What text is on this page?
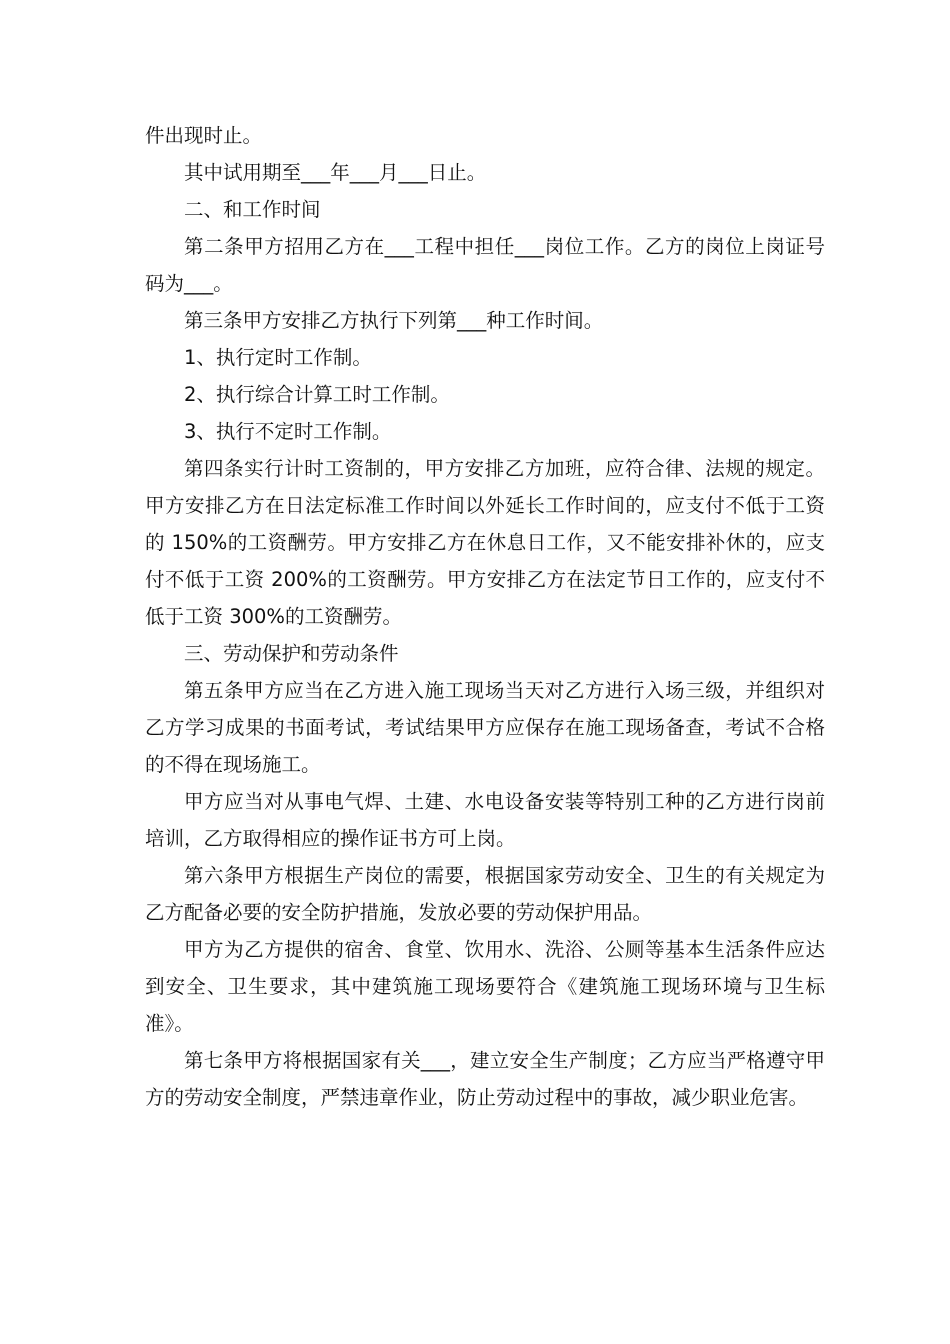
件出现时止。

其中试用期至___年___月___日止。

二、和工作时间

第二条甲方招用乙方在___工程中担任___岗位工作。乙方的岗位上岗证号码为___。

第三条甲方安排乙方执行下列第___种工作时间。

1、执行定时工作制。

2、执行综合计算工时工作制。

3、执行不定时工作制。

第四条实行计时工资制的，甲方安排乙方加班，应符合律、法规的规定。甲方安排乙方在日法定标准工作时间以外延长工作时间的，应支付不低于工资的 150%的工资酬劳。甲方安排乙方在休息日工作，又不能安排补休的，应支付不低于工资 200%的工资酬劳。甲方安排乙方在法定节日工作的，应支付不低于工资 300%的工资酬劳。

三、劳动保护和劳动条件

第五条甲方应当在乙方进入施工现场当天对乙方进行入场三级，并组织对乙方学习成果的书面考试，考试结果甲方应保存在施工现场备查，考试不合格的不得在现场施工。

甲方应当对从事电气焊、土建、水电设备安装等特别工种的乙方进行岗前培训，乙方取得相应的操作证书方可上岗。

第六条甲方根据生产岗位的需要，根据国家劳动安全、卫生的有关规定为乙方配备必要的安全防护措施，发放必要的劳动保护用品。

甲方为乙方提供的宿舍、食堂、饮用水、洗浴、公厕等基本生活条件应达到安全、卫生要求，其中建筑施工现场要符合《建筑施工现场环境与卫生标准》。

第七条甲方将根据国家有关___，建立安全生产制度；乙方应当严格遵守甲方的劳动安全制度，严禁违章作业，防止劳动过程中的事故，减少职业危害。
